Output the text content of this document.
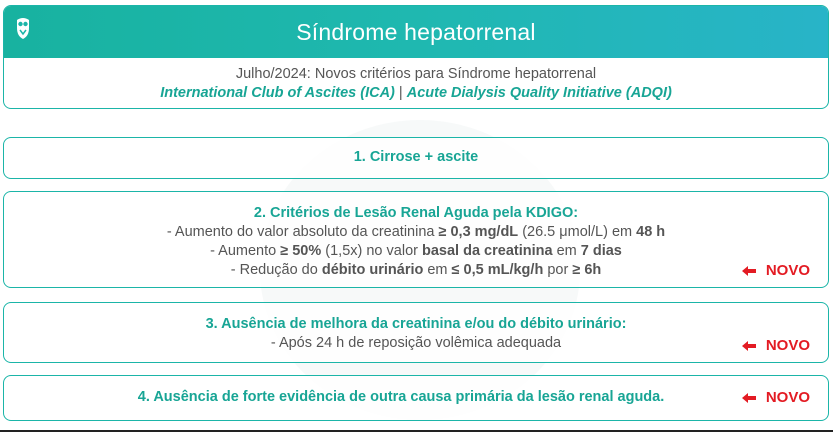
Síndrome hepatorrenal
Julho/2024: Novos critérios para Síndrome hepatorrenal
International Club of Ascites (ICA) | Acute Dialysis Quality Initiative (ADQI)
1. Cirrose + ascite
2. Critérios de Lesão Renal Aguda pela KDIGO:
- Aumento do valor absoluto da creatinina ≥ 0,3 mg/dL (26.5 μmol/L) em 48 h
- Aumento ≥ 50% (1,5x) no valor basal da creatinina em 7 dias
- Redução do débito urinário em ≤ 0,5 mL/kg/h por ≥ 6h	NOVO
3. Ausência de melhora da creatinina e/ou do débito urinário:
- Após 24 h de reposição volêmica adequada	NOVO
4. Ausência de forte evidência de outra causa primária da lesão renal aguda.	NOVO
